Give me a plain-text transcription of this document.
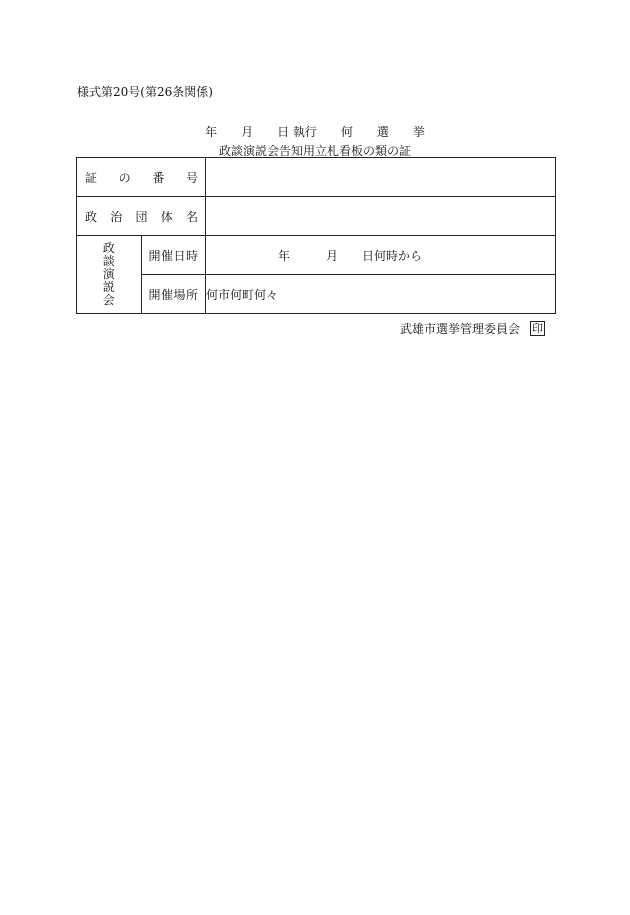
様式第20号(第26条関係)
年　　月　　日 執行　　何　　選　　挙
政談演説会告知用立札看板の類の証
証 の 番 号		

政 治 団 体 名		

政談演説会	開 催 日 時	　　　　　　年　　　月　　日何時から

	開 催 場 所	何市何町何々
武雄市選挙管理委員会 印
